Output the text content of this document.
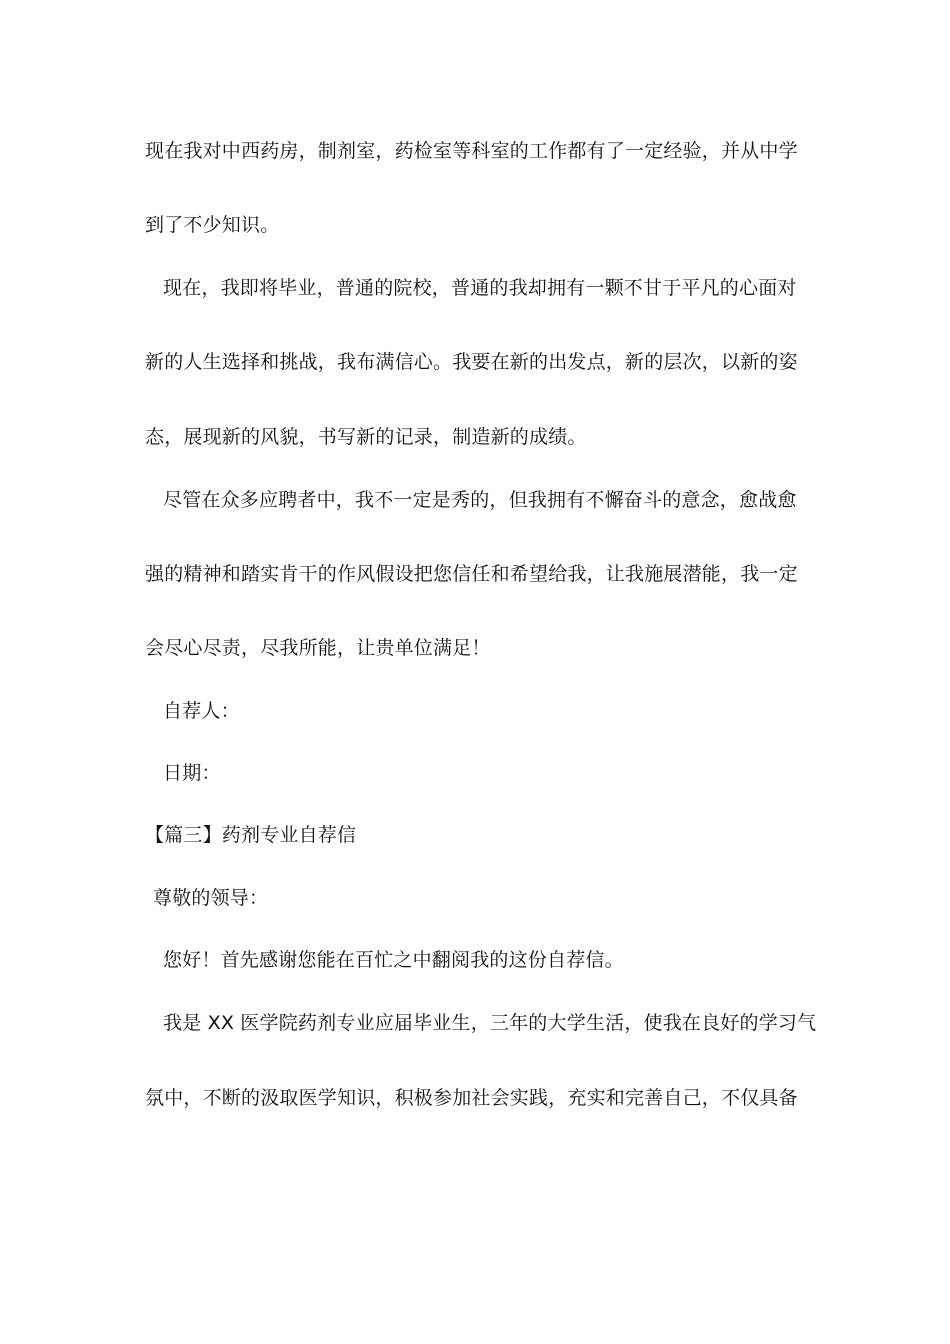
现在我对中西药房，制剂室，药检室等科室的工作都有了一定经验，并从中学
到了不少知识。
现在，我即将毕业，普通的院校，普通的我却拥有一颗不甘于平凡的心面对
新的人生选择和挑战，我布满信心。我要在新的出发点，新的层次，以新的姿
态，展现新的风貌，书写新的记录，制造新的成绩。
尽管在众多应聘者中，我不一定是秀的，但我拥有不懈奋斗的意念，愈战愈
强的精神和踏实肯干的作风假设把您信任和希望给我，让我施展潜能，我一定
会尽心尽责，尽我所能，让贵单位满足！
自荐人：
日期：
【篇三】药剂专业自荐信
尊敬的领导：
您好！首先感谢您能在百忙之中翻阅我的这份自荐信。
我是 XX 医学院药剂专业应届毕业生，三年的大学生活，使我在良好的学习气
氛中，不断的汲取医学知识，积极参加社会实践，充实和完善自己，不仅具备
